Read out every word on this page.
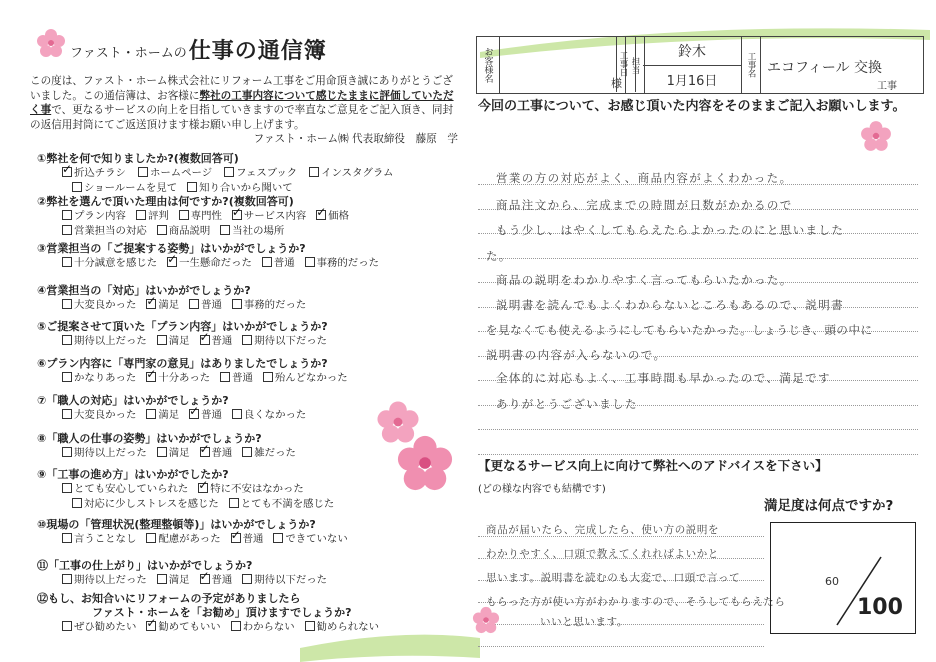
ファスト・ホームの 仕事の通信簿
この度は、ファスト・ホーム株式会社にリフォーム工事をご用命頂き誠にありがとうございました。この通信簿は、お客様に弊社の工事内容について感じたままに評価していただく事で、更なるサービスの向上を目指していきますので率直なご意見をご記入頂き、同封の返信用封筒にてご返送頂けます様お願い申し上げます。
ファスト・ホーム㈱ 代表取締役　藤原　学
①弊社を何で知りましたか?(複数回答可)
✓折込チラシ ホームページ フェスブック インスタグラム
ショールームを見て 知り合いから聞いて
②弊社を選んで頂いた理由は何ですか?(複数回答可)
プラン内容 評判 専門性 ✓ サービス内容 ✓ 価格
営業担当の対応 商品説明 当社の場所
③営業担当の「ご提案する姿勢」はいかがでしょうか?
十分誠意を感じた ✓ 一生懸命だった 普通 事務的だった
④営業担当の「対応」はいかがでしょうか?
大変良かった ✓ 満足 普通 事務的だった
⑤ご提案させて頂いた「プラン内容」はいかがでしょうか?
期待以上だった 満足 ✓ 普通 期待以下だった
⑥プラン内容に「専門家の意見」はありましたでしょうか?
かなりあった ✓ 十分あった 普通 殆んどなかった
⑦「職人の対応」はいかがでしょうか?
大変良かった 満足 ✓ 普通 良くなかった
⑧「職人の仕事の姿勢」はいかがでしょうか?
期待以上だった 満足 ✓ 普通 雑だった
⑨「工事の進め方」はいかがでしたか?
とても安心していられた ✓ 特に不安はなかった
対応に少しストレスを感じた とても不満を感じた
⑩現場の「管理状況(整理整頓等)」はいかがでしょうか?
言うことなし 配慮があった ✓ 普通 できていない
⑪「工事の仕上がり」はいかがでしょうか?
期待以上だった 満足 ✓ 普通 期待以下だった
⑫もし、お知合いにリフォームの予定がありましたら
ファスト・ホームを「お勧め」頂けますでしょうか?
ぜひ勧めたい ✓ 勧めてもいい わからない 勧められない
お客様名
様
担当
鈴木
1月16日
工事名 エコフィール 交換
工事
工事日
今回の工事について、お感じ頂いた内容をそのままご記入お願いします。
営業の方の対応がよく、商品内容がよくわかった。
商品注文から、完成までの時間が日数がかかるので
もう少し、はやくしてもらえたらよかったのにと思いました
た。
商品の説明をわかりやすく言ってもらいたかった。
説明書を読んでもよくわからないところもあるので、説明書
を見なくても使えるようにしてもらいたかった。しょうじき、頭の中に
説明書の内容が入らないので。
全体的に対応もよく、工事時間も早かったので、満足です
ありがとうございました
【更なるサービス向上に向けて弊社へのアドバイスを下さい】
(どの様な内容でも結構です)
商品が届いたら、完成したら、使い方の説明を
わかりやすく、口頭で教えてくれればよいかと
思います。説明書を読むのも大変で、口頭で言って
もらった方が使い方がわかりますので、そうしてもらえたら
いいと思います。
満足度は何点ですか?
60
100
